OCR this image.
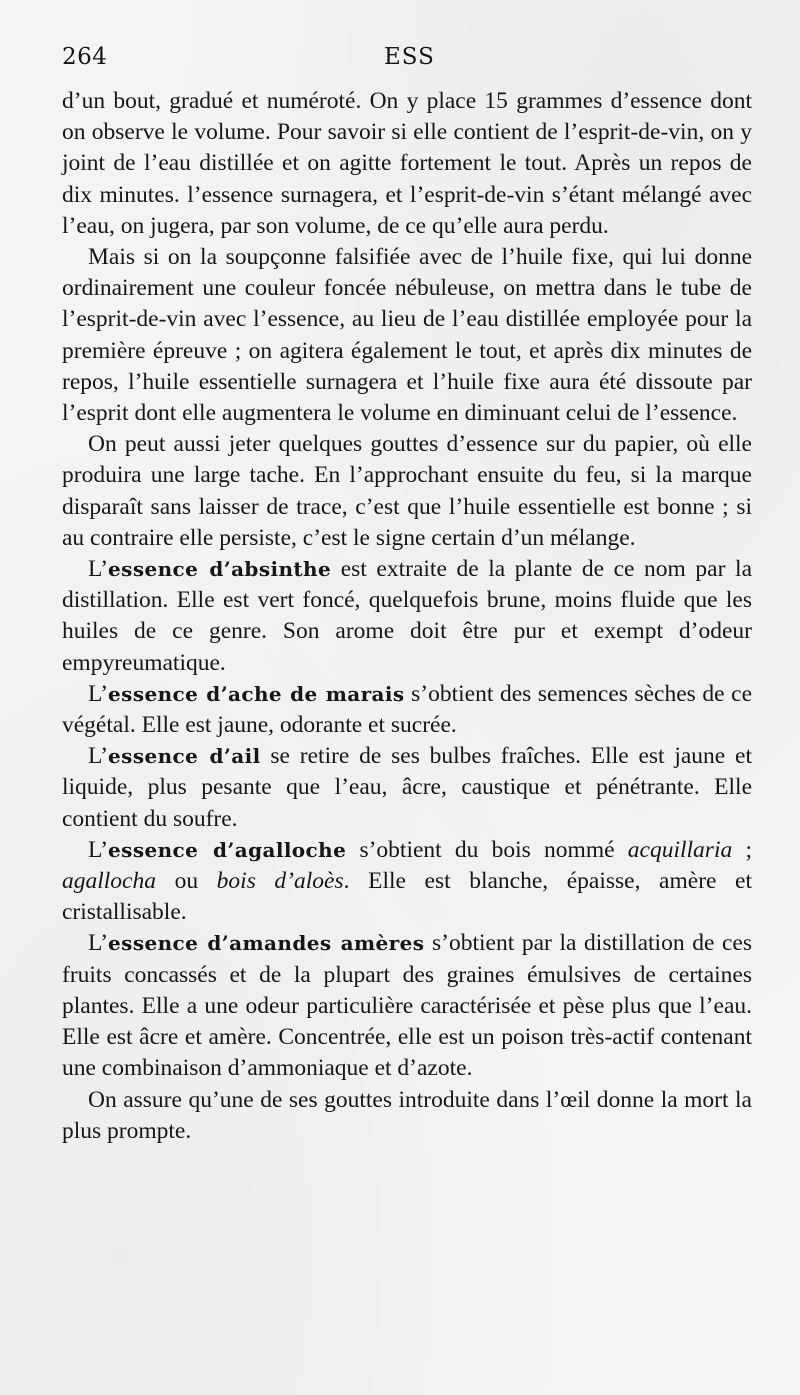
264	ESS

d’un bout, gradué et numéroté. On y place 15 grammes d’essence dont on observe le volume. Pour savoir si elle contient de l’esprit-de-vin, on y joint de l’eau distillée et on agitte fortement le tout. Après un repos de dix minutes. l’essence surnagera, et l’esprit-de-vin s’étant mélangé avec l’eau, on jugera, par son volume, de ce qu’elle aura perdu.

Mais si on la soupçonne falsifiée avec de l’huile fixe, qui lui donne ordinairement une couleur foncée nébuleuse, on mettra dans le tube de l’esprit-de-vin avec l’essence, au lieu de l’eau distillée employée pour la première épreuve ; on agitera également le tout, et après dix minutes de repos, l’huile essentielle surnagera et l’huile fixe aura été dissoute par l’esprit dont elle augmentera le volume en diminuant celui de l’essence.

On peut aussi jeter quelques gouttes d’essence sur du papier, où elle produira une large tache. En l’approchant ensuite du feu, si la marque disparaît sans laisser de trace, c’est que l’huile essentielle est bonne ; si au contraire elle persiste, c’est le signe certain d’un mélange.

L’essence d’absinthe est extraite de la plante de ce nom par la distillation. Elle est vert foncé, quelquefois brune, moins fluide que les huiles de ce genre. Son arome doit être pur et exempt d’odeur empyreumatique.

L’essence d’ache de marais s’obtient des semences sèches de ce végétal. Elle est jaune, odorante et sucrée.

L’essence d’ail se retire de ses bulbes fraîches. Elle est jaune et liquide, plus pesante que l’eau, âcre, caustique et pénétrante. Elle contient du soufre.

L’essence d’agalloche s’obtient du bois nommé acquillaria ; agallocha ou bois d’aloès. Elle est blanche, épaisse, amère et cristallisable.

L’essence d’amandes amères s’obtient par la distillation de ces fruits concassés et de la plupart des graines émulsives de certaines plantes. Elle a une odeur particulière caractérisée et pèse plus que l’eau. Elle est âcre et amère. Concentrée, elle est un poison très-actif contenant une combinaison d’ammoniaque et d’azote.

On assure qu’une de ses gouttes introduite dans l’œil donne la mort la plus prompte.
